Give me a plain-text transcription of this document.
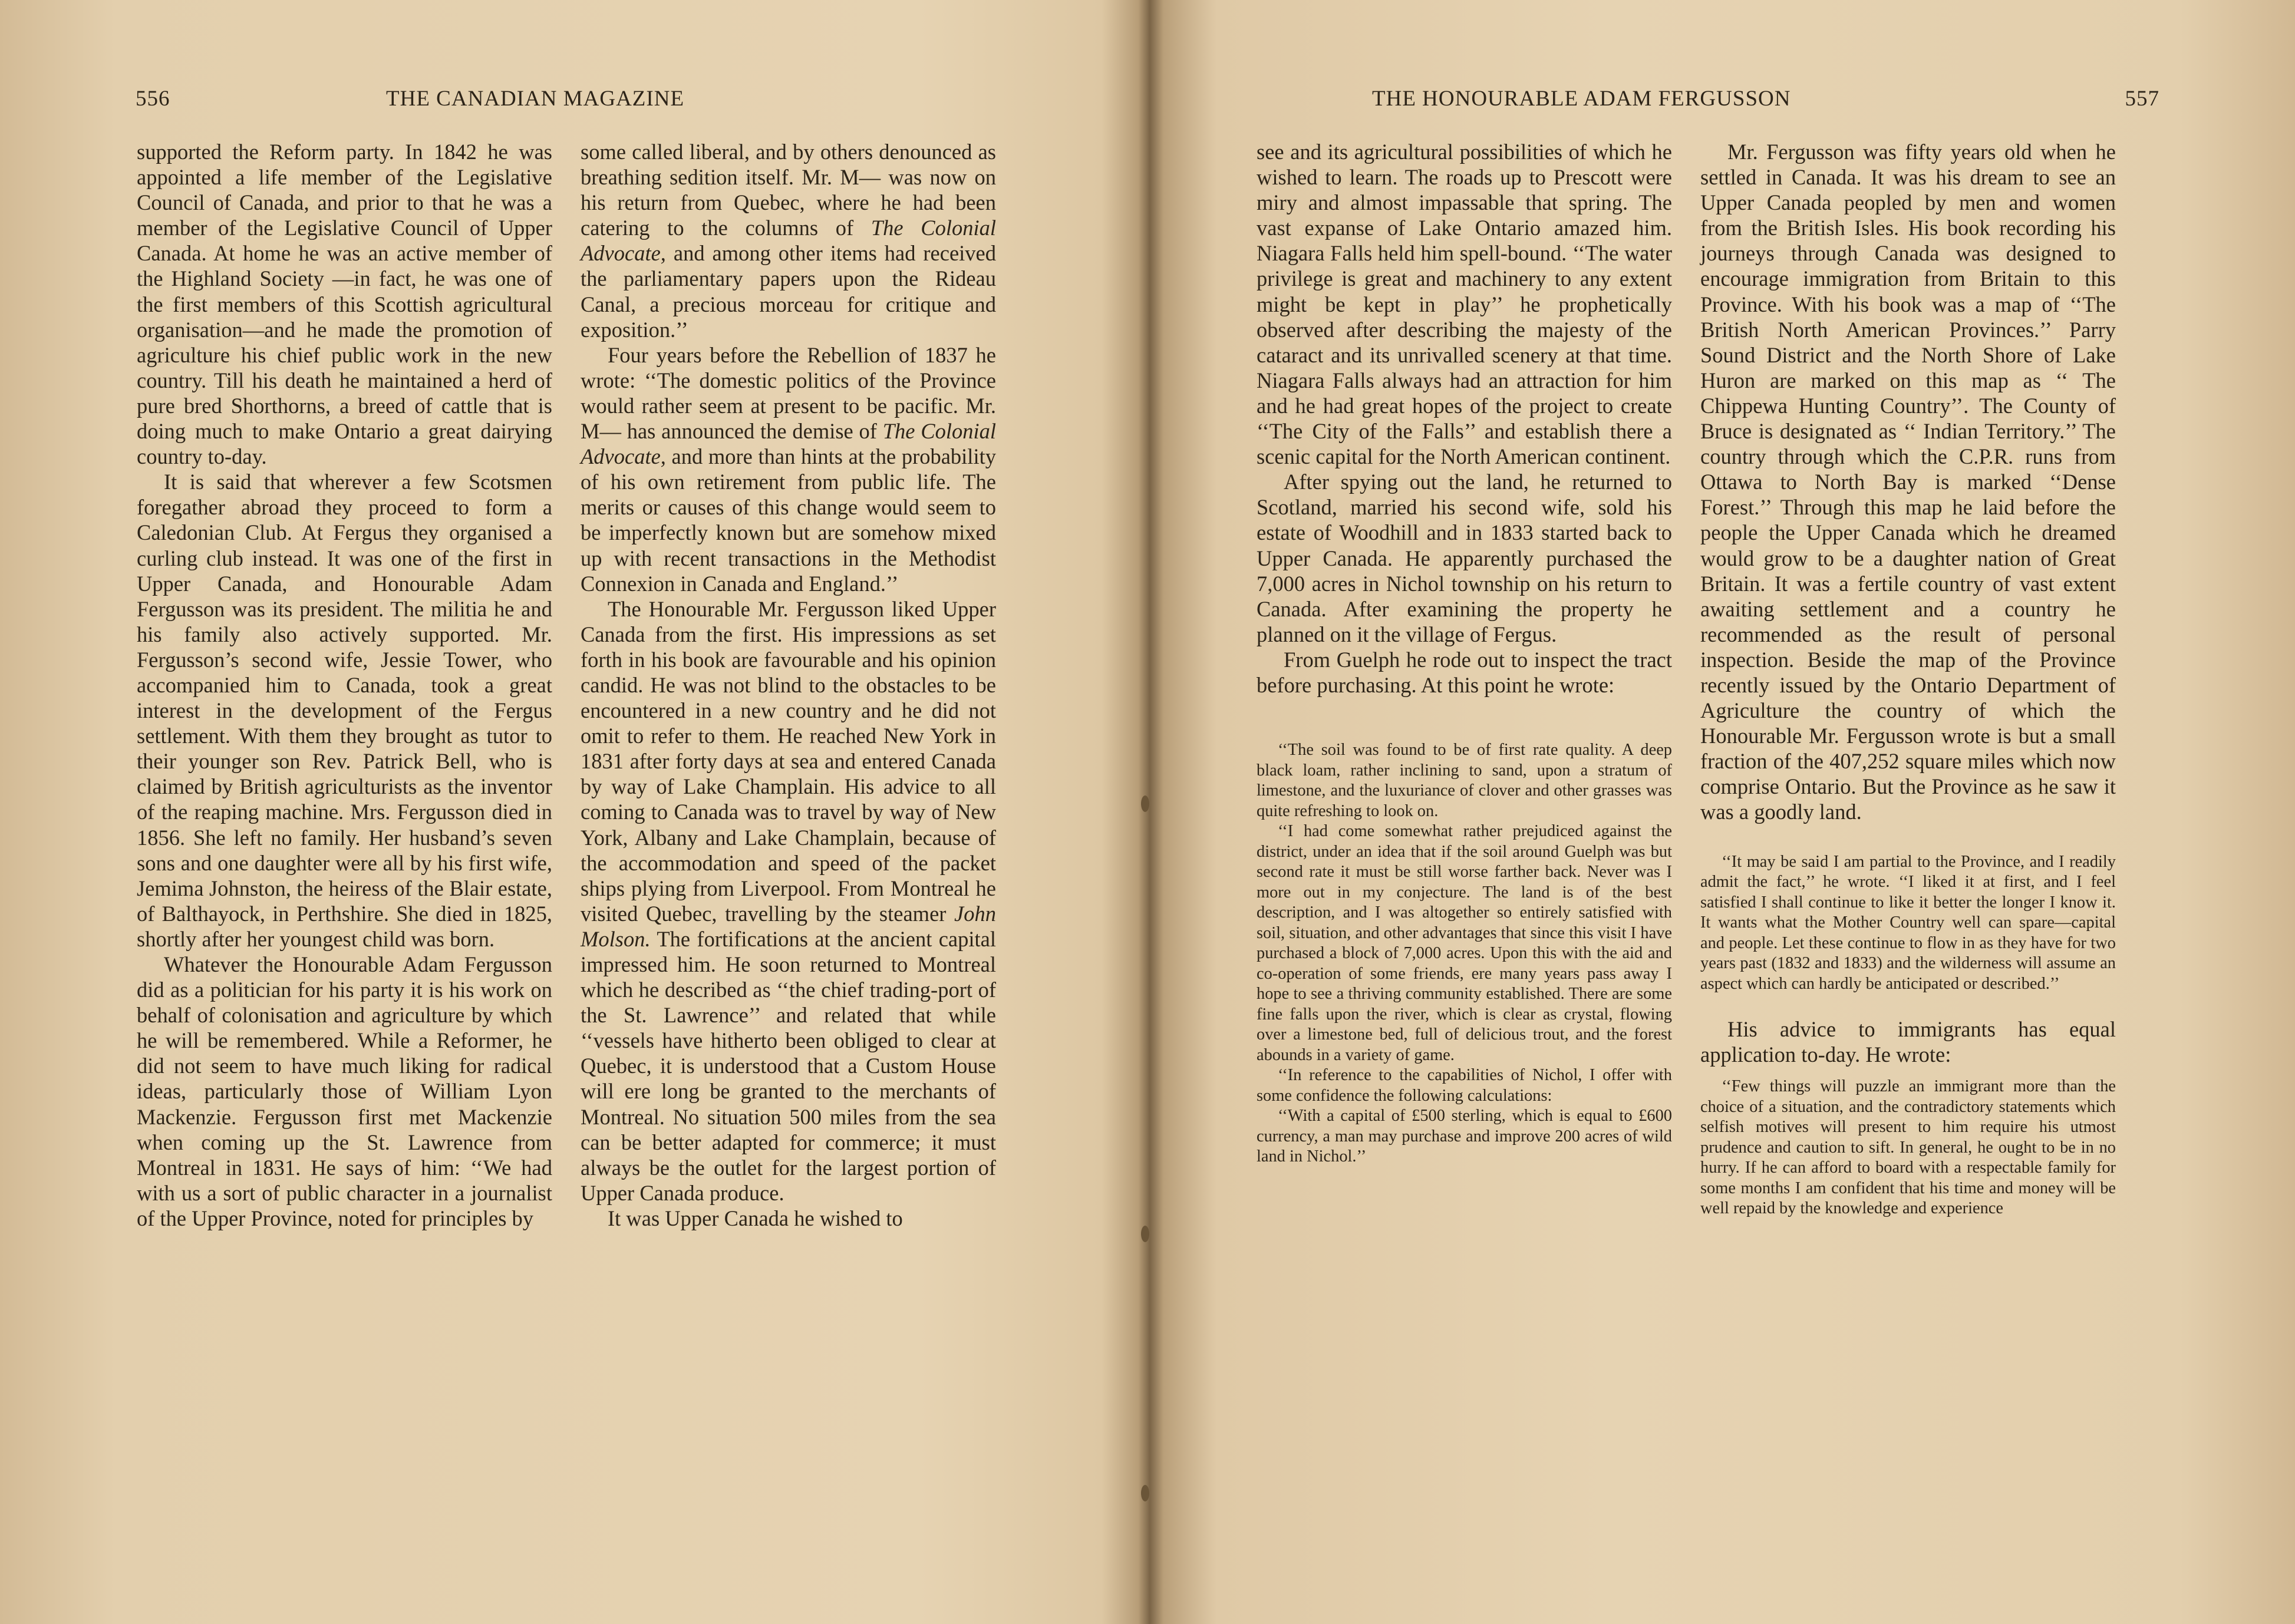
556	THE CANADIAN MAGAZINE

supported the Reform party. In 1842 he was appointed a life member of the Legislative Council of Canada, and prior to that he was a member of the Legislative Council of Upper Canada. At home he was an active member of the Highland Society —in fact, he was one of the first members of this Scottish agricultural organisation—and he made the promotion of agriculture his chief public work in the new country. Till his death he maintained a herd of pure bred Shorthorns, a breed of cattle that is doing much to make Ontario a great dairying country to-day.

It is said that wherever a few Scotsmen foregather abroad they proceed to form a Caledonian Club. At Fergus they organised a curling club instead. It was one of the first in Upper Canada, and Honourable Adam Fergusson was its president. The militia he and his family also actively supported. Mr. Fergusson’s second wife, Jessie Tower, who accompanied him to Canada, took a great interest in the development of the Fergus settlement. With them they brought as tutor to their younger son Rev. Patrick Bell, who is claimed by British agriculturists as the inventor of the reaping machine. Mrs. Fergusson died in 1856. She left no family. Her husband’s seven sons and one daughter were all by his first wife, Jemima Johnston, the heiress of the Blair estate, of Balthayock, in Perthshire. She died in 1825, shortly after her youngest child was born.

Whatever the Honourable Adam Fergusson did as a politician for his party it is his work on behalf of colonisation and agriculture by which he will be remembered. While a Reformer, he did not seem to have much liking for radical ideas, particularly those of William Lyon Mackenzie. Fergusson first met Mackenzie when coming up the St. Lawrence from Montreal in 1831. He says of him: ‘‘We had with us a sort of public character in a journalist of the Upper Province, noted for principles by

some called liberal, and by others denounced as breathing sedition itself. Mr. M— was now on his return from Quebec, where he had been catering to the columns of The Colonial Advocate, and among other items had received the parliamentary papers upon the Rideau Canal, a precious morceau for critique and exposition.’’

Four years before the Rebellion of 1837 he wrote: ‘‘The domestic politics of the Province would rather seem at present to be pacific. Mr. M— has announced the demise of The Colonial Advocate, and more than hints at the probability of his own retirement from public life. The merits or causes of this change would seem to be imperfectly known but are somehow mixed up with recent transactions in the Methodist Connexion in Canada and England.’’

The Honourable Mr. Fergusson liked Upper Canada from the first. His impressions as set forth in his book are favourable and his opinion candid. He was not blind to the obstacles to be encountered in a new country and he did not omit to refer to them. He reached New York in 1831 after forty days at sea and entered Canada by way of Lake Champlain. His advice to all coming to Canada was to travel by way of New York, Albany and Lake Champlain, because of the accommodation and speed of the packet ships plying from Liverpool. From Montreal he visited Quebec, travelling by the steamer John Molson. The fortifications at the ancient capital impressed him. He soon returned to Montreal which he described as ‘‘the chief trading-port of the St. Lawrence’’ and related that while ‘‘vessels have hitherto been obliged to clear at Quebec, it is understood that a Custom House will ere long be granted to the merchants of Montreal. No situation 500 miles from the sea can be better adapted for commerce; it must always be the outlet for the largest portion of Upper Canada produce.

It was Upper Canada he wished to

THE HONOURABLE ADAM FERGUSSON	557

see and its agricultural possibilities of which he wished to learn. The roads up to Prescott were miry and almost impassable that spring. The vast expanse of Lake Ontario amazed him. Niagara Falls held him spell-bound. ‘‘The water privilege is great and machinery to any extent might be kept in play’’ he prophetically observed after describing the majesty of the cataract and its unrivalled scenery at that time. Niagara Falls always had an attraction for him and he had great hopes of the project to create ‘‘The City of the Falls’’ and establish there a scenic capital for the North American continent.

After spying out the land, he returned to Scotland, married his second wife, sold his estate of Woodhill and in 1833 started back to Upper Canada. He apparently purchased the 7,000 acres in Nichol township on his return to Canada. After examining the property he planned on it the village of Fergus.

From Guelph he rode out to inspect the tract before purchasing. At this point he wrote:

‘‘The soil was found to be of first rate quality. A deep black loam, rather inclining to sand, upon a stratum of limestone, and the luxuriance of clover and other grasses was quite refreshing to look on.

‘‘I had come somewhat rather prejudiced against the district, under an idea that if the soil around Guelph was but second rate it must be still worse farther back. Never was I more out in my conjecture. The land is of the best description, and I was altogether so entirely satisfied with soil, situation, and other advantages that since this visit I have purchased a block of 7,000 acres. Upon this with the aid and co-operation of some friends, ere many years pass away I hope to see a thriving community established. There are some fine falls upon the river, which is clear as crystal, flowing over a limestone bed, full of delicious trout, and the forest abounds in a variety of game.

‘‘In reference to the capabilities of Nichol, I offer with some confidence the following calculations:

‘‘With a capital of £500 sterling, which is equal to £600 currency, a man may purchase and improve 200 acres of wild land in Nichol.’’

Mr. Fergusson was fifty years old when he settled in Canada. It was his dream to see an Upper Canada peopled by men and women from the British Isles. His book recording his journeys through Canada was designed to encourage immigration from Britain to this Province. With his book was a map of ‘‘The British North American Provinces.’’ Parry Sound District and the North Shore of Lake Huron are marked on this map as ‘‘ The Chippewa Hunting Country’’. The County of Bruce is designated as ‘‘ Indian Territory.’’ The country through which the C.P.R. runs from Ottawa to North Bay is marked ‘‘Dense Forest.’’ Through this map he laid before the people the Upper Canada which he dreamed would grow to be a daughter nation of Great Britain. It was a fertile country of vast extent awaiting settlement and a country he recommended as the result of personal inspection. Beside the map of the Province recently issued by the Ontario Department of Agriculture the country of which the Honourable Mr. Fergusson wrote is but a small fraction of the 407,252 square miles which now comprise Ontario. But the Province as he saw it was a goodly land.

‘‘It may be said I am partial to the Province, and I readily admit the fact,’’ he wrote. ‘‘I liked it at first, and I feel satisfied I shall continue to like it better the longer I know it. It wants what the Mother Country well can spare—capital and people. Let these continue to flow in as they have for two years past (1832 and 1833) and the wilderness will assume an aspect which can hardly be anticipated or described.’’

His advice to immigrants has equal application to-day. He wrote:

‘‘Few things will puzzle an immigrant more than the choice of a situation, and the contradictory statements which selfish motives will present to him require his utmost prudence and caution to sift. In general, he ought to be in no hurry. If he can afford to board with a respectable family for some months I am confident that his time and money will be well repaid by the knowledge and experience
